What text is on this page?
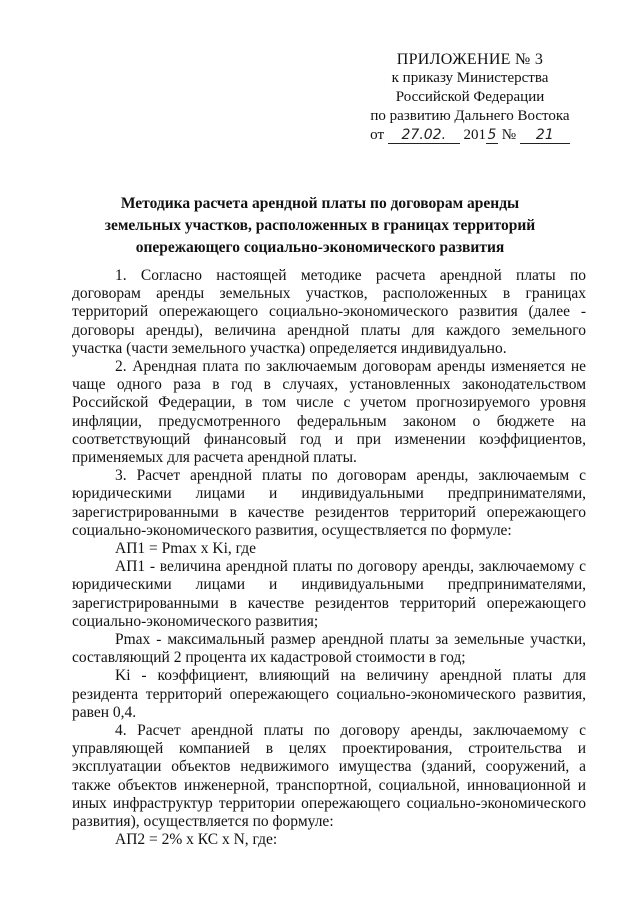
ПРИЛОЖЕНИЕ № 3
к приказу Министерства
Российской Федерации
по развитию Дальнего Востока
от 27.02. 201 5 № 21
Методика расчета арендной платы по договорам аренды
земельных участков, расположенных в границах территорий
опережающего социально-экономического развития

1. Согласно настоящей методике расчета арендной платы по договорам аренды земельных участков, расположенных в границах территорий опережающего социально-экономического развития (далее - договоры аренды), величина арендной платы для каждого земельного участка (части земельного участка) определяется индивидуально.

2. Арендная плата по заключаемым договорам аренды изменяется не чаще одного раза в год в случаях, установленных законодательством Российской Федерации, в том числе с учетом прогнозируемого уровня инфляции, предусмотренного федеральным законом о бюджете на соответствующий финансовый год и при изменении коэффициентов, применяемых для расчета арендной платы.

3. Расчет арендной платы по договорам аренды, заключаемым с юридическими лицами и индивидуальными предпринимателями, зарегистрированными в качестве резидентов территорий опережающего социально-экономического развития, осуществляется по формуле:

АП1 = Pmax x Ki, где

АП1 - величина арендной платы по договору аренды, заключаемому с юридическими лицами и индивидуальными предпринимателями, зарегистрированными в качестве резидентов территорий опережающего социально-экономического развития;

Pmax - максимальный размер арендной платы за земельные участки, составляющий 2 процента их кадастровой стоимости в год;

Ki - коэффициент, влияющий на величину арендной платы для резидента территорий опережающего социально-экономического развития, равен 0,4.

4. Расчет арендной платы по договору аренды, заключаемому с управляющей компанией в целях проектирования, строительства и эксплуатации объектов недвижимого имущества (зданий, сооружений, а также объектов инженерной, транспортной, социальной, инновационной и иных инфраструктур территории опережающего социально-экономического развития), осуществляется по формуле:

АП2 = 2% x КС x N, где:
